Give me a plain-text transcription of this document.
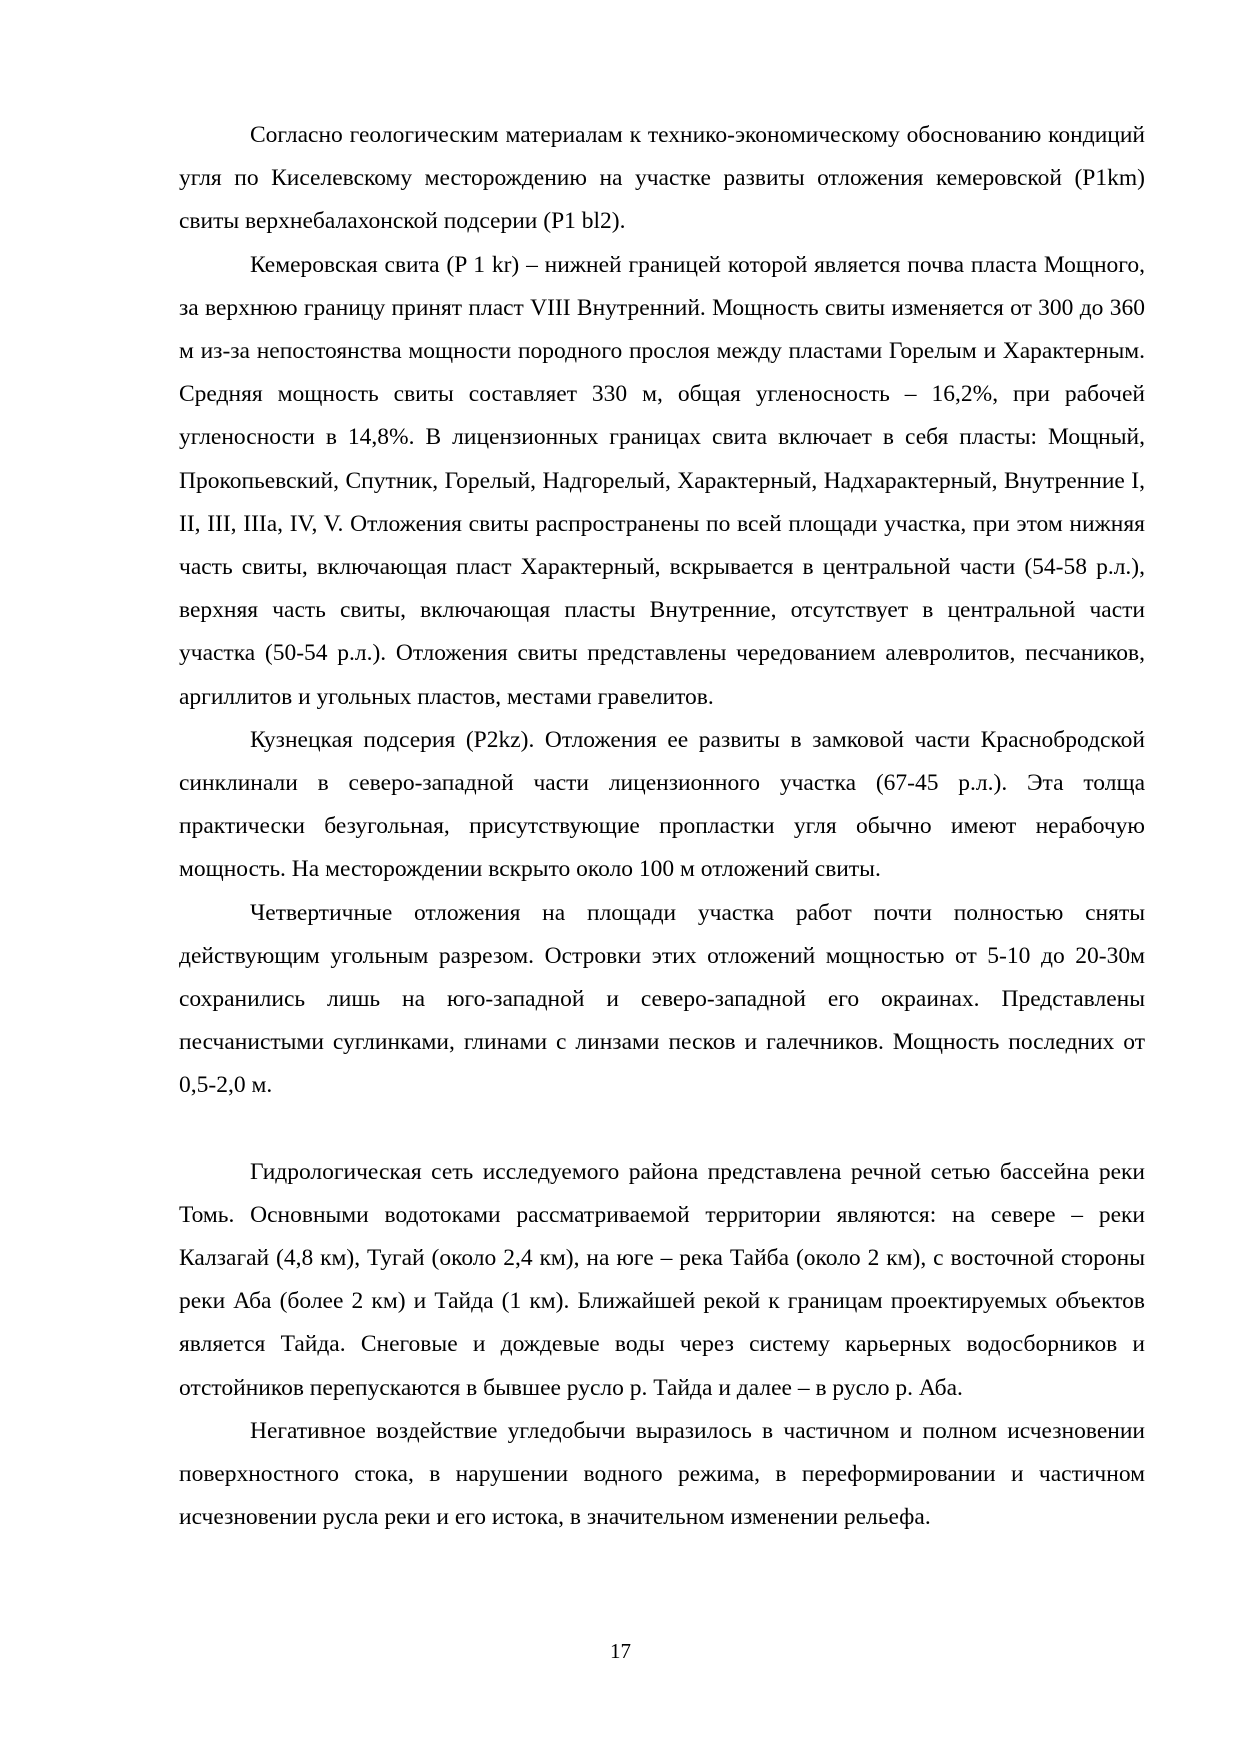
Согласно геологическим материалам к технико-экономическому обоснованию кондиций угля по Киселевскому месторождению на участке развиты отложения кемеровской (P1km) свиты верхнебалахонской подсерии (P1 bl2).

Кемеровская свита (P 1 kr) – нижней границей которой является почва пласта Мощного, за верхнюю границу принят пласт VIII Внутренний. Мощность свиты изменяется от 300 до 360 м из-за непостоянства мощности породного прослоя между пластами Горелым и Характерным. Средняя мощность свиты составляет 330 м, общая угленосность – 16,2%, при рабочей угленосности в 14,8%. В лицензионных границах свита включает в себя пласты: Мощный, Прокопьевский, Спутник, Горелый, Надгорелый, Характерный, Надхарактерный, Внутренние I, II, III, IIIa, IV, V. Отложения свиты распространены по всей площади участка, при этом нижняя часть свиты, включающая пласт Характерный, вскрывается в центральной части (54-58 р.л.), верхняя часть свиты, включающая пласты Внутренние, отсутствует в центральной части участка (50-54 р.л.). Отложения свиты представлены чередованием алевролитов, песчаников, аргиллитов и угольных пластов, местами гравелитов.

Кузнецкая подсерия (P2kz). Отложения ее развиты в замковой части Краснобродской синклинали в северо-западной части лицензионного участка (67-45 р.л.). Эта толща практически безугольная, присутствующие пропластки угля обычно имеют нерабочую мощность. На месторождении вскрыто около 100 м отложений свиты.

Четвертичные отложения на площади участка работ почти полностью сняты действующим угольным разрезом. Островки этих отложений мощностью от 5-10 до 20-30м сохранились лишь на юго-западной и северо-западной его окраинах. Представлены песчанистыми суглинками, глинами с линзами песков и галечников. Мощность последних от 0,5-2,0 м.

Гидрологическая сеть исследуемого района представлена речной сетью бассейна реки Томь. Основными водотоками рассматриваемой территории являются: на севере – реки Калзагай (4,8 км), Тугай (около 2,4 км), на юге – река Тайба (около 2 км), с восточной стороны реки Аба (более 2 км) и Тайда (1 км). Ближайшей рекой к границам проектируемых объектов является Тайда. Снеговые и дождевые воды через систему карьерных водосборников и отстойников перепускаются в бывшее русло р. Тайда и далее – в русло р. Аба.

Негативное воздействие угледобычи выразилось в частичном и полном исчезновении поверхностного стока, в нарушении водного режима, в переформировании и частичном исчезновении русла реки и его истока, в значительном изменении рельефа.

17
